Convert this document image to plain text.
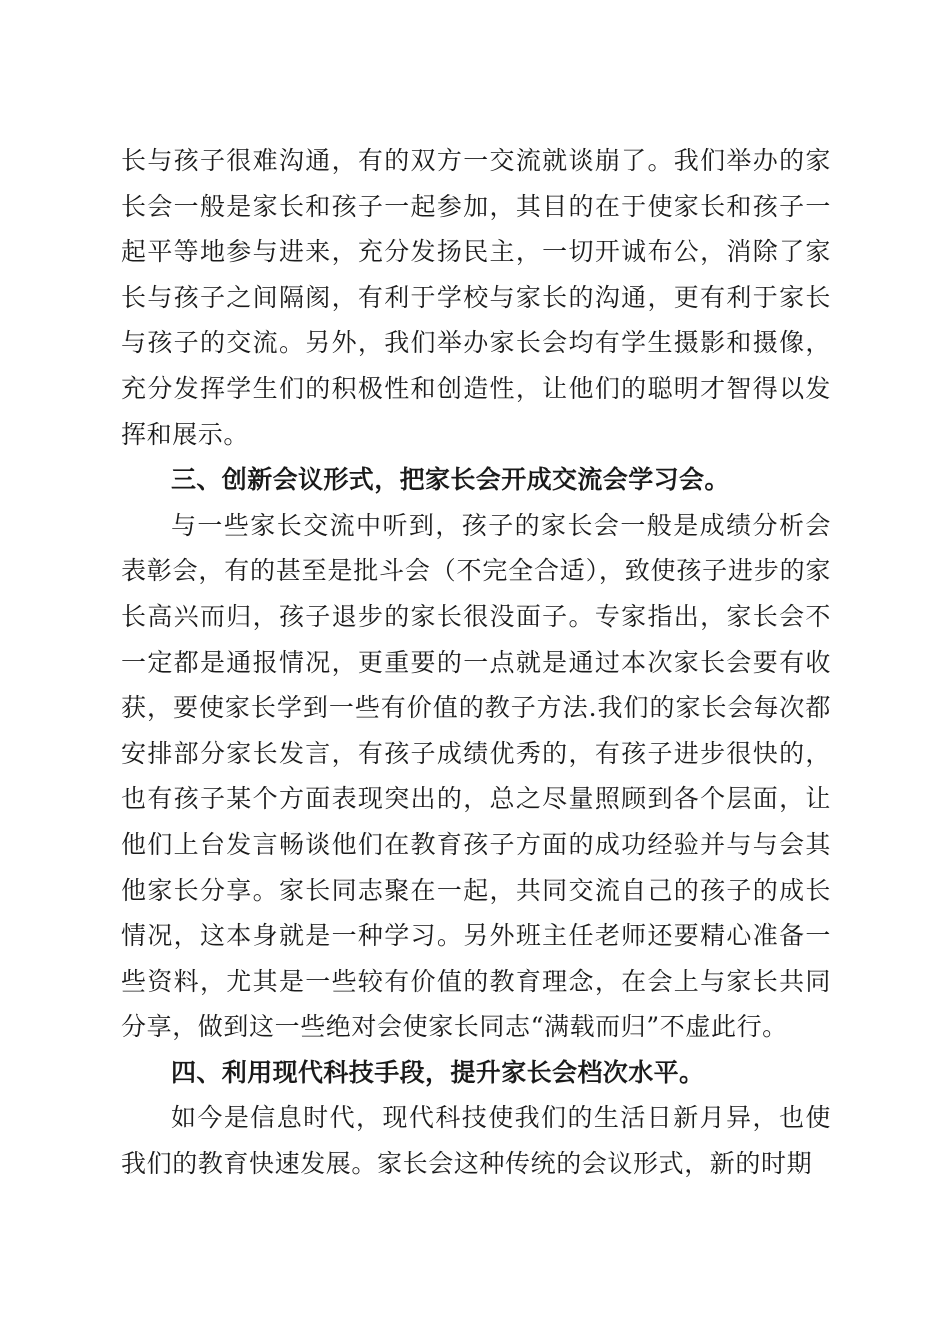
长与孩子很难沟通，有的双方一交流就谈崩了。我们举办的家长会一般是家长和孩子一起参加，其目的在于使家长和孩子一起平等地参与进来，充分发扬民主，一切开诚布公，消除了家长与孩子之间隔阂，有利于学校与家长的沟通，更有利于家长与孩子的交流。另外，我们举办家长会均有学生摄影和摄像，充分发挥学生们的积极性和创造性，让他们的聪明才智得以发挥和展示。

三、创新会议形式，把家长会开成交流会学习会。

与一些家长交流中听到，孩子的家长会一般是成绩分析会表彰会，有的甚至是批斗会（不完全合适），致使孩子进步的家长高兴而归，孩子退步的家长很没面子。专家指出，家长会不一定都是通报情况，更重要的一点就是通过本次家长会要有收获，要使家长学到一些有价值的教子方法.我们的家长会每次都安排部分家长发言，有孩子成绩优秀的，有孩子进步很快的，也有孩子某个方面表现突出的，总之尽量照顾到各个层面，让他们上台发言畅谈他们在教育孩子方面的成功经验并与与会其他家长分享。家长同志聚在一起，共同交流自己的孩子的成长情况，这本身就是一种学习。另外班主任老师还要精心准备一些资料，尤其是一些较有价值的教育理念，在会上与家长共同分享，做到这一些绝对会使家长同志“满载而归”不虚此行。

四、利用现代科技手段，提升家长会档次水平。

如今是信息时代，现代科技使我们的生活日新月异，也使我们的教育快速发展。家长会这种传统的会议形式，新的时期
